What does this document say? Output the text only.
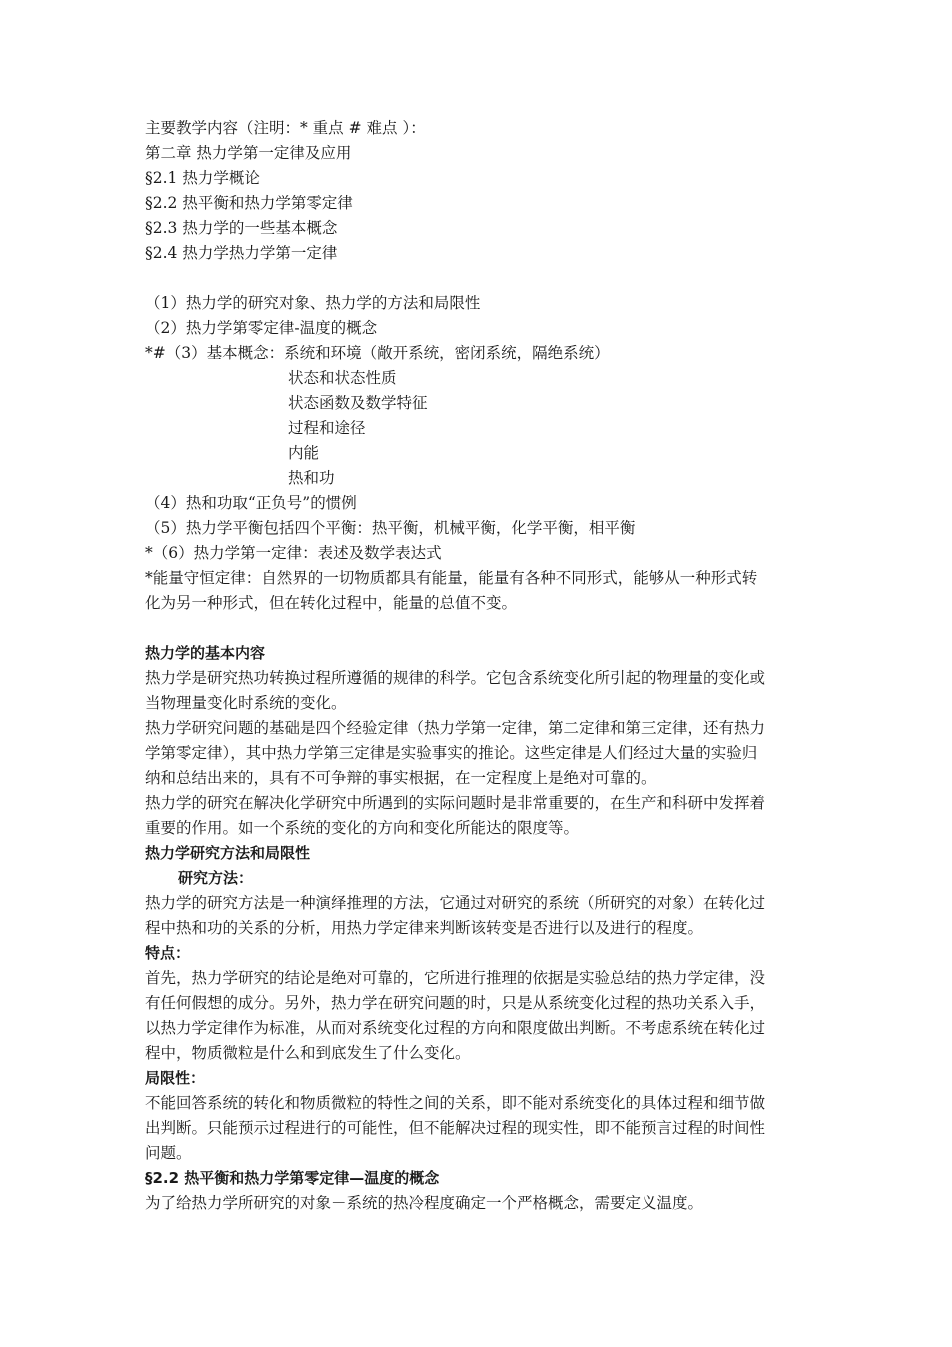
主要教学内容（注明：* 重点 # 难点 ）：
第二章 热力学第一定律及应用
§2.1 热力学概论
§2.2 热平衡和热力学第零定律
§2.3 热力学的一些基本概念
§2.4 热力学热力学第一定律
（1）热力学的研究对象、热力学的方法和局限性
（2）热力学第零定律-温度的概念
*#（3）基本概念：系统和环境（敞开系统，密闭系统，隔绝系统）
状态和状态性质
状态函数及数学特征
过程和途径
内能
热和功
（4）热和功取“正负号”的惯例
（5）热力学平衡包括四个平衡：热平衡，机械平衡，化学平衡，相平衡
*（6）热力学第一定律：表述及数学表达式
*能量守恒定律：自然界的一切物质都具有能量，能量有各种不同形式，能够从一种形式转
化为另一种形式，但在转化过程中，能量的总值不变。
热力学的基本内容
热力学是研究热功转换过程所遵循的规律的科学。它包含系统变化所引起的物理量的变化或
当物理量变化时系统的变化。
热力学研究问题的基础是四个经验定律（热力学第一定律，第二定律和第三定律，还有热力
学第零定律），其中热力学第三定律是实验事实的推论。这些定律是人们经过大量的实验归
纳和总结出来的，具有不可争辩的事实根据，在一定程度上是绝对可靠的。
热力学的研究在解决化学研究中所遇到的实际问题时是非常重要的，在生产和科研中发挥着
重要的作用。如一个系统的变化的方向和变化所能达的限度等。
热力学研究方法和局限性
研究方法：
热力学的研究方法是一种演绎推理的方法，它通过对研究的系统（所研究的对象）在转化过
程中热和功的关系的分析，用热力学定律来判断该转变是否进行以及进行的程度。
特点：
首先，热力学研究的结论是绝对可靠的，它所进行推理的依据是实验总结的热力学定律，没
有任何假想的成分。另外，热力学在研究问题的时，只是从系统变化过程的热功关系入手，
以热力学定律作为标准，从而对系统变化过程的方向和限度做出判断。不考虑系统在转化过
程中，物质微粒是什么和到底发生了什么变化。
局限性：
不能回答系统的转化和物质微粒的特性之间的关系，即不能对系统变化的具体过程和细节做
出判断。只能预示过程进行的可能性，但不能解决过程的现实性，即不能预言过程的时间性
问题。
§2.2 热平衡和热力学第零定律—温度的概念
为了给热力学所研究的对象－系统的热冷程度确定一个严格概念，需要定义温度。
